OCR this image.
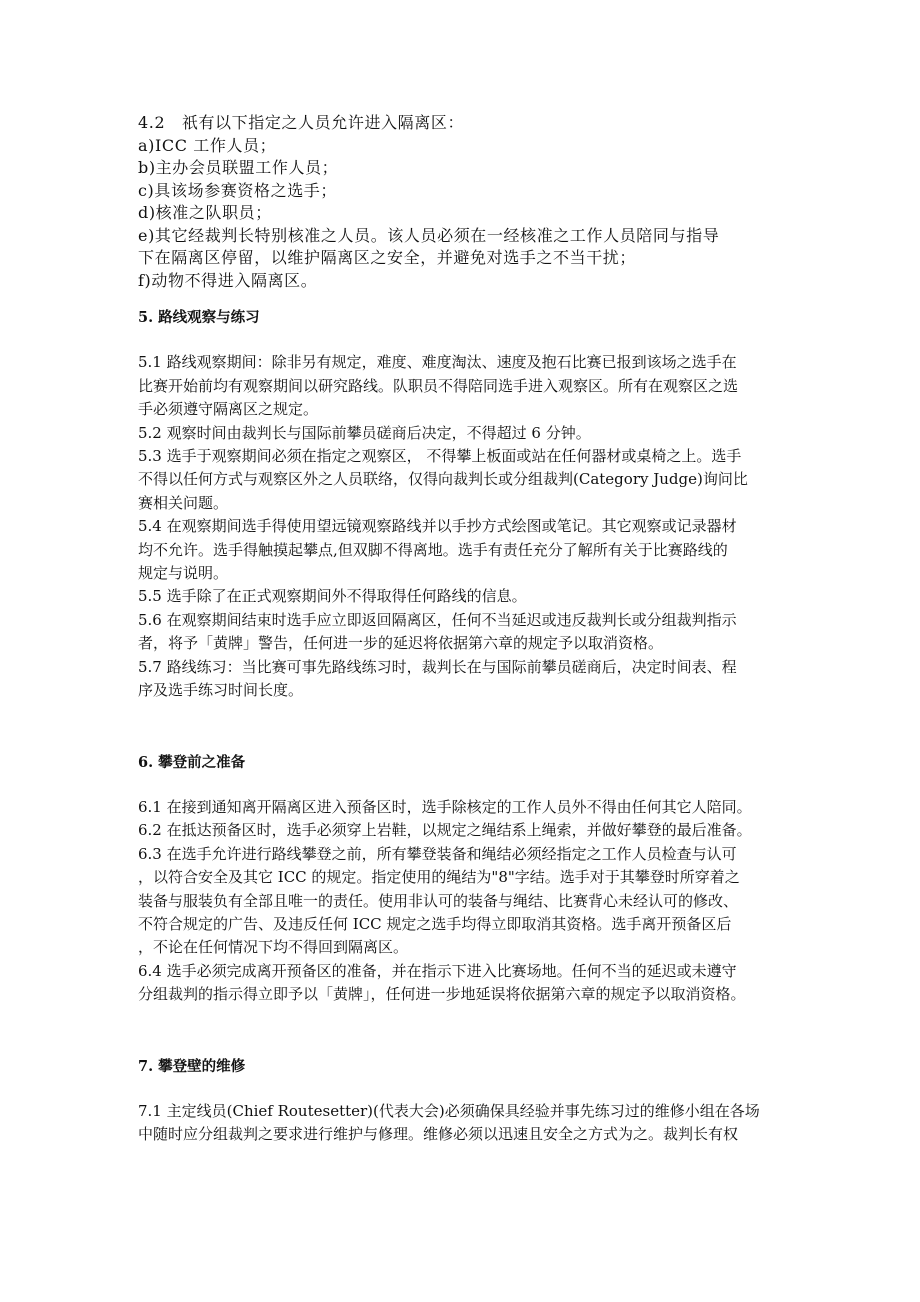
4.2　祇有以下指定之人员允许进入隔离区：
a)ICC 工作人员；
b)主办会员联盟工作人员；
c)具该场参赛资格之选手；
d)核准之队职员；
e)其它经裁判长特别核准之人员。该人员必须在一经核准之工作人员陪同与指导
下在隔离区停留，以维护隔离区之安全，并避免对选手之不当干扰；
f)动物不得进入隔离区。

5. 路线观察与练习

5.1 路线观察期间：除非另有规定，难度、难度淘汰、速度及抱石比赛已报到该场之选手在

比赛开始前均有观察期间以研究路线。队职员不得陪同选手进入观察区。所有在观察区之选

手必须遵守隔离区之规定。

5.2 观察时间由裁判长与国际前攀员磋商后决定，不得超过 6 分钟。

5.3 选手于观察期间必须在指定之观察区， 不得攀上板面或站在任何器材或桌椅之上。选手

不得以任何方式与观察区外之人员联络，仅得向裁判长或分组裁判(Category Judge)询问比

赛相关问题。

5.4 在观察期间选手得使用望远镜观察路线并以手抄方式绘图或笔记。其它观察或记录器材

均不允许。选手得触摸起攀点,但双脚不得离地。选手有责任充分了解所有关于比赛路线的

规定与说明。

5.5 选手除了在正式观察期间外不得取得任何路线的信息。

5.6 在观察期间结束时选手应立即返回隔离区，任何不当延迟或违反裁判长或分组裁判指示

者，将予「黄牌」警告，任何进一步的延迟将依据第六章的规定予以取消资格。

5.7 路线练习：当比赛可事先路线练习时，裁判长在与国际前攀员磋商后，决定时间表、程

序及选手练习时间长度。

6. 攀登前之准备

6.1 在接到通知离开隔离区进入预备区时，选手除核定的工作人员外不得由任何其它人陪同。

6.2 在抵达预备区时，选手必须穿上岩鞋，以规定之绳结系上绳索，并做好攀登的最后准备。

6.3 在选手允许进行路线攀登之前，所有攀登装备和绳结必须经指定之工作人员检查与认可

，以符合安全及其它 ICC 的规定。指定使用的绳结为"8"字结。选手对于其攀登时所穿着之

装备与服装负有全部且唯一的责任。使用非认可的装备与绳结、比赛背心未经认可的修改、

不符合规定的广告、及违反任何 ICC 规定之选手均得立即取消其资格。选手离开预备区后

，不论在任何情况下均不得回到隔离区。

6.4 选手必须完成离开预备区的准备，并在指示下进入比赛场地。任何不当的延迟或未遵守

分组裁判的指示得立即予以「黄牌」，任何进一步地延误将依据第六章的规定予以取消资格。

7. 攀登壁的维修

7.1 主定线员(Chief Routesetter)(代表大会)必须确保具经验并事先练习过的维修小组在各场

中随时应分组裁判之要求进行维护与修理。维修必须以迅速且安全之方式为之。裁判长有权
